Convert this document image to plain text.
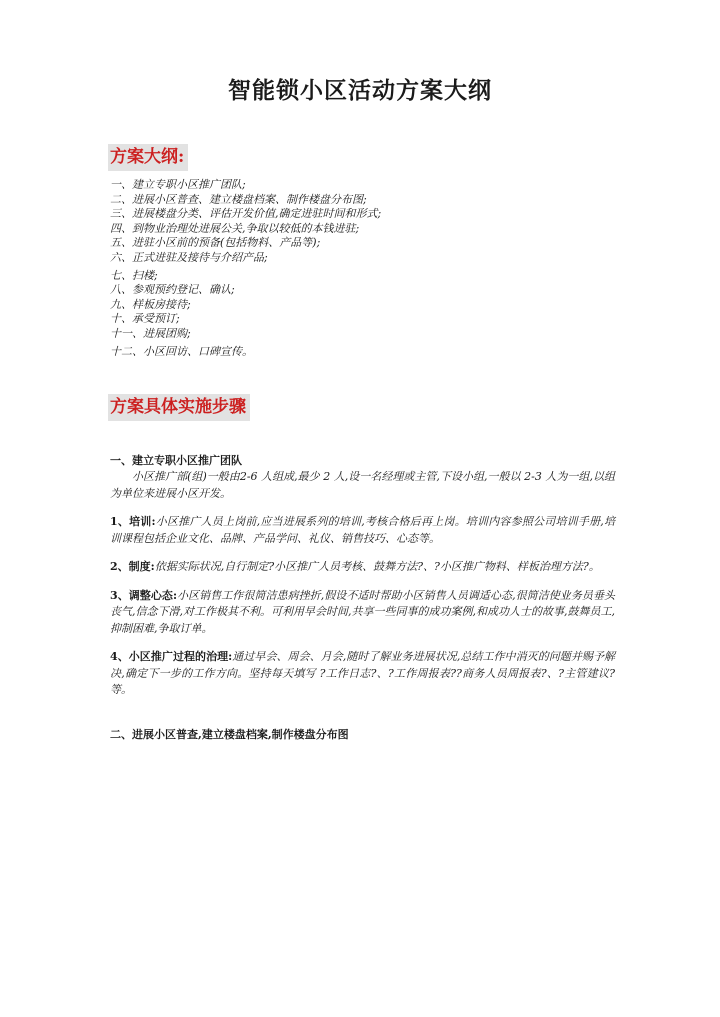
智能锁小区活动方案大纲
方案大纲:
一、建立专职小区推广团队;
二、进展小区普查、建立楼盘档案、制作楼盘分布图;
三、进展楼盘分类、评估开发价值,确定进驻时间和形式;
四、到物业治理处进展公关,争取以较低的本钱进驻;
五、进驻小区前的预备(包括物料、产品等);
六、正式进驻及接待与介绍产品;
七、扫楼;
八、参观预约登记、确认;
九、样板房接待;
十、承受预订;
十一、进展团购;
十二、小区回访、口碑宣传。
方案具体实施步骤

一、建立专职小区推广团队

小区推广部(组)一般由2-6 人组成,最少 2 人,设一名经理或主管,下设小组,一般以 2-3 人为一组,以组为单位来进展小区开发。

1、培训:小区推广人员上岗前,应当进展系列的培训,考核合格后再上岗。培训内容参照公司培训手册,培训课程包括企业文化、品牌、产品学问、礼仪、销售技巧、心态等。

2、制度:依据实际状况,自行制定?小区推广人员考核、鼓舞方法?、?小区推广物料、样板治理方法?。

3、调整心态:小区销售工作很简洁患病挫折,假设不适时帮助小区销售人员调适心态,很简洁使业务员垂头丧气,信念下滑,对工作极其不利。可利用早会时间,共享一些同事的成功案例,和成功人士的故事,鼓舞员工,抑制困难,争取订单。

4、小区推广过程的治理:通过早会、周会、月会,随时了解业务进展状况,总结工作中消灭的问题并赐予解决,确定下一步的工作方向。坚持每天填写 ?工作日志?、?工作周报表??商务人员周报表?、?主管建议?等。

二、进展小区普查,建立楼盘档案,制作楼盘分布图
